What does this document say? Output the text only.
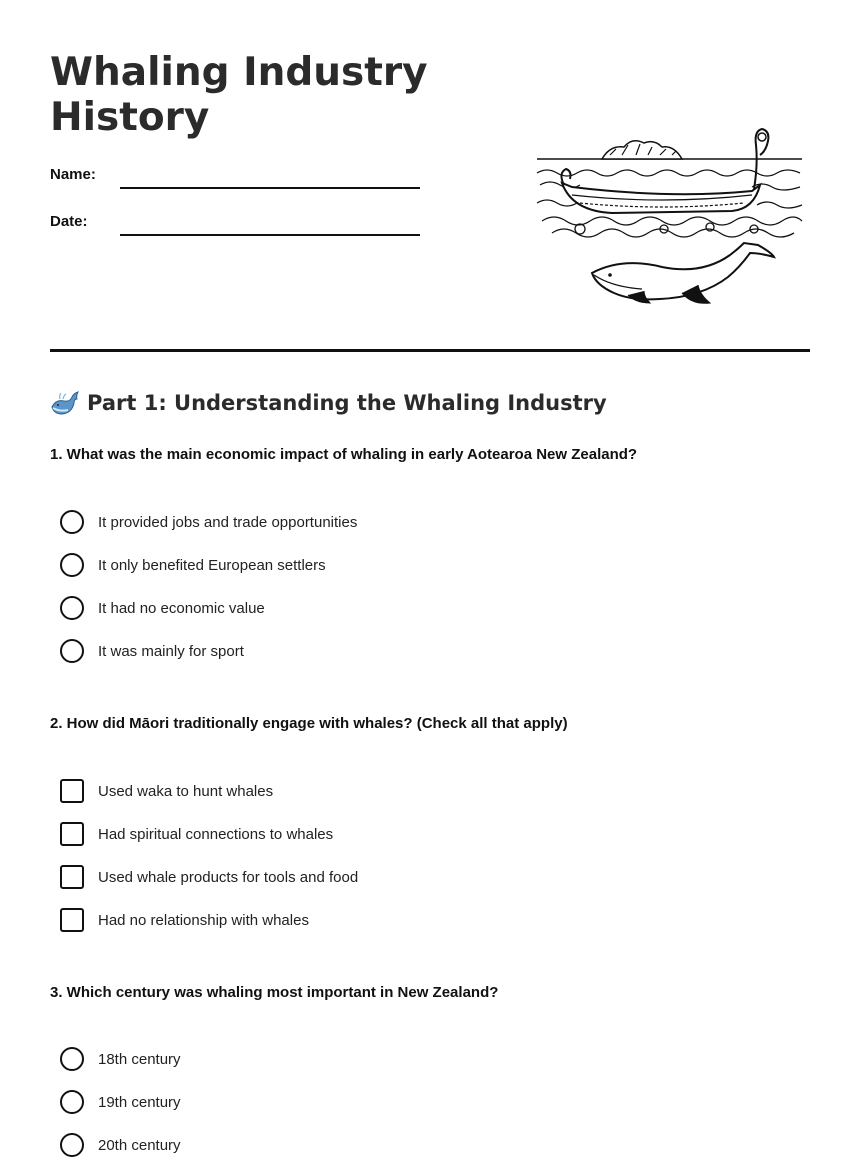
Whaling Industry
History
Name:
Date:
Part 1: Understanding the Whaling Industry

1. What was the main economic impact of whaling in early Aotearoa New Zealand?

It provided jobs and trade opportunities
It only benefited European settlers
It had no economic value
It was mainly for sport

2. How did Māori traditionally engage with whales? (Check all that apply)

Used waka to hunt whales
Had spiritual connections to whales
Used whale products for tools and food
Had no relationship with whales

3. Which century was whaling most important in New Zealand?

18th century
19th century
20th century
